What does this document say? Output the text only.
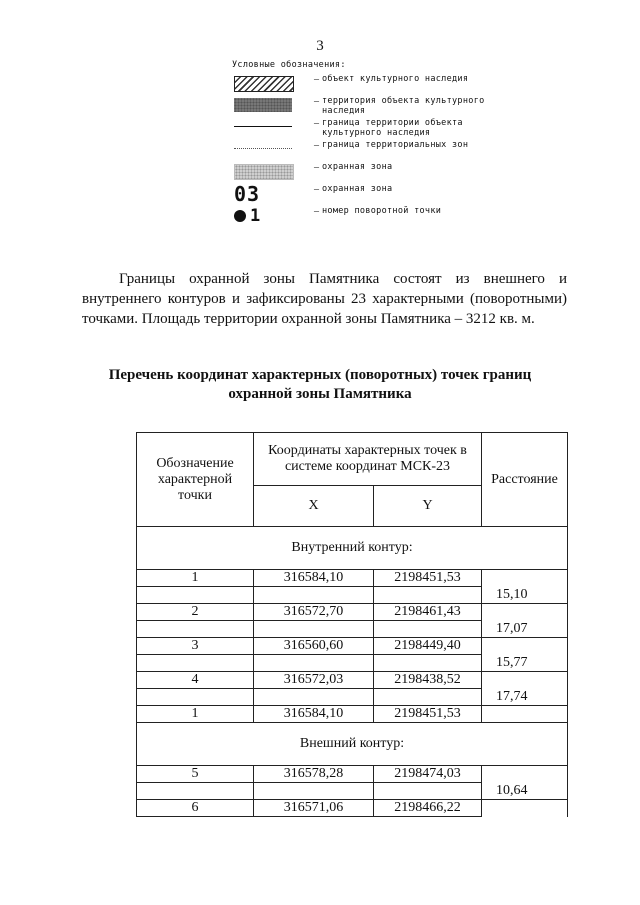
3
Условные обозначения:
– объект культурного наследия
– территория объекта культурного наследия
– граница территории объекта культурного наследия
– граница территориальных зон
– охранная зона
03	– охранная зона
1	– номер поворотной точки

Границы охранной зоны Памятника состоят из внешнего и внутреннего контуров и зафиксированы 23 характерными (поворотными) точками. Площадь территории охранной зоны Памятника – 3212 кв. м.

Перечень координат характерных (поворотных) точек границ
охранной зоны Памятника
Обозначение характерной точки	Координаты характерных точек в системе координат МСК-23		Расстояние
	X	Y	
Внутренний контур:			
1	316584,10	2198451,53	
			15,10
2	316572,70	2198461,43	
			17,07
3	316560,60	2198449,40	
			15,77
4	316572,03	2198438,52	
			17,74
1	316584,10	2198451,53	
Внешний контур:			
5	316578,28	2198474,03	
			10,64
6	316571,06	2198466,22	
